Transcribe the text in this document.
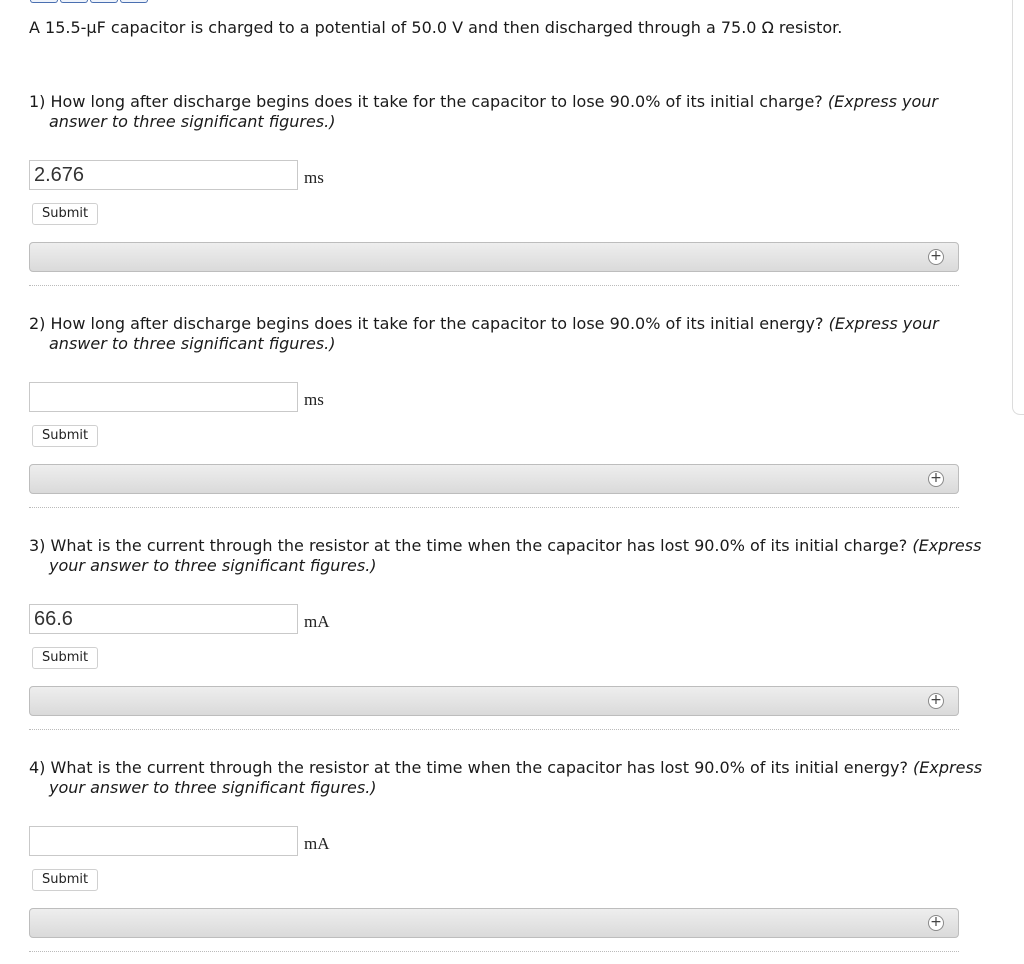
A 15.5-μF capacitor is charged to a potential of 50.0 V and then discharged through a 75.0 Ω resistor.
1) How long after discharge begins does it take for the capacitor to lose 90.0% of its initial charge? (Express your answer to three significant figures.)
2.676
ms
Submit
+
2) How long after discharge begins does it take for the capacitor to lose 90.0% of its initial energy? (Express your answer to three significant figures.)
ms
Submit
+
3) What is the current through the resistor at the time when the capacitor has lost 90.0% of its initial charge? (Express your answer to three significant figures.)
66.6
mA
Submit
+
4) What is the current through the resistor at the time when the capacitor has lost 90.0% of its initial energy? (Express your answer to three significant figures.)
mA
Submit
+
